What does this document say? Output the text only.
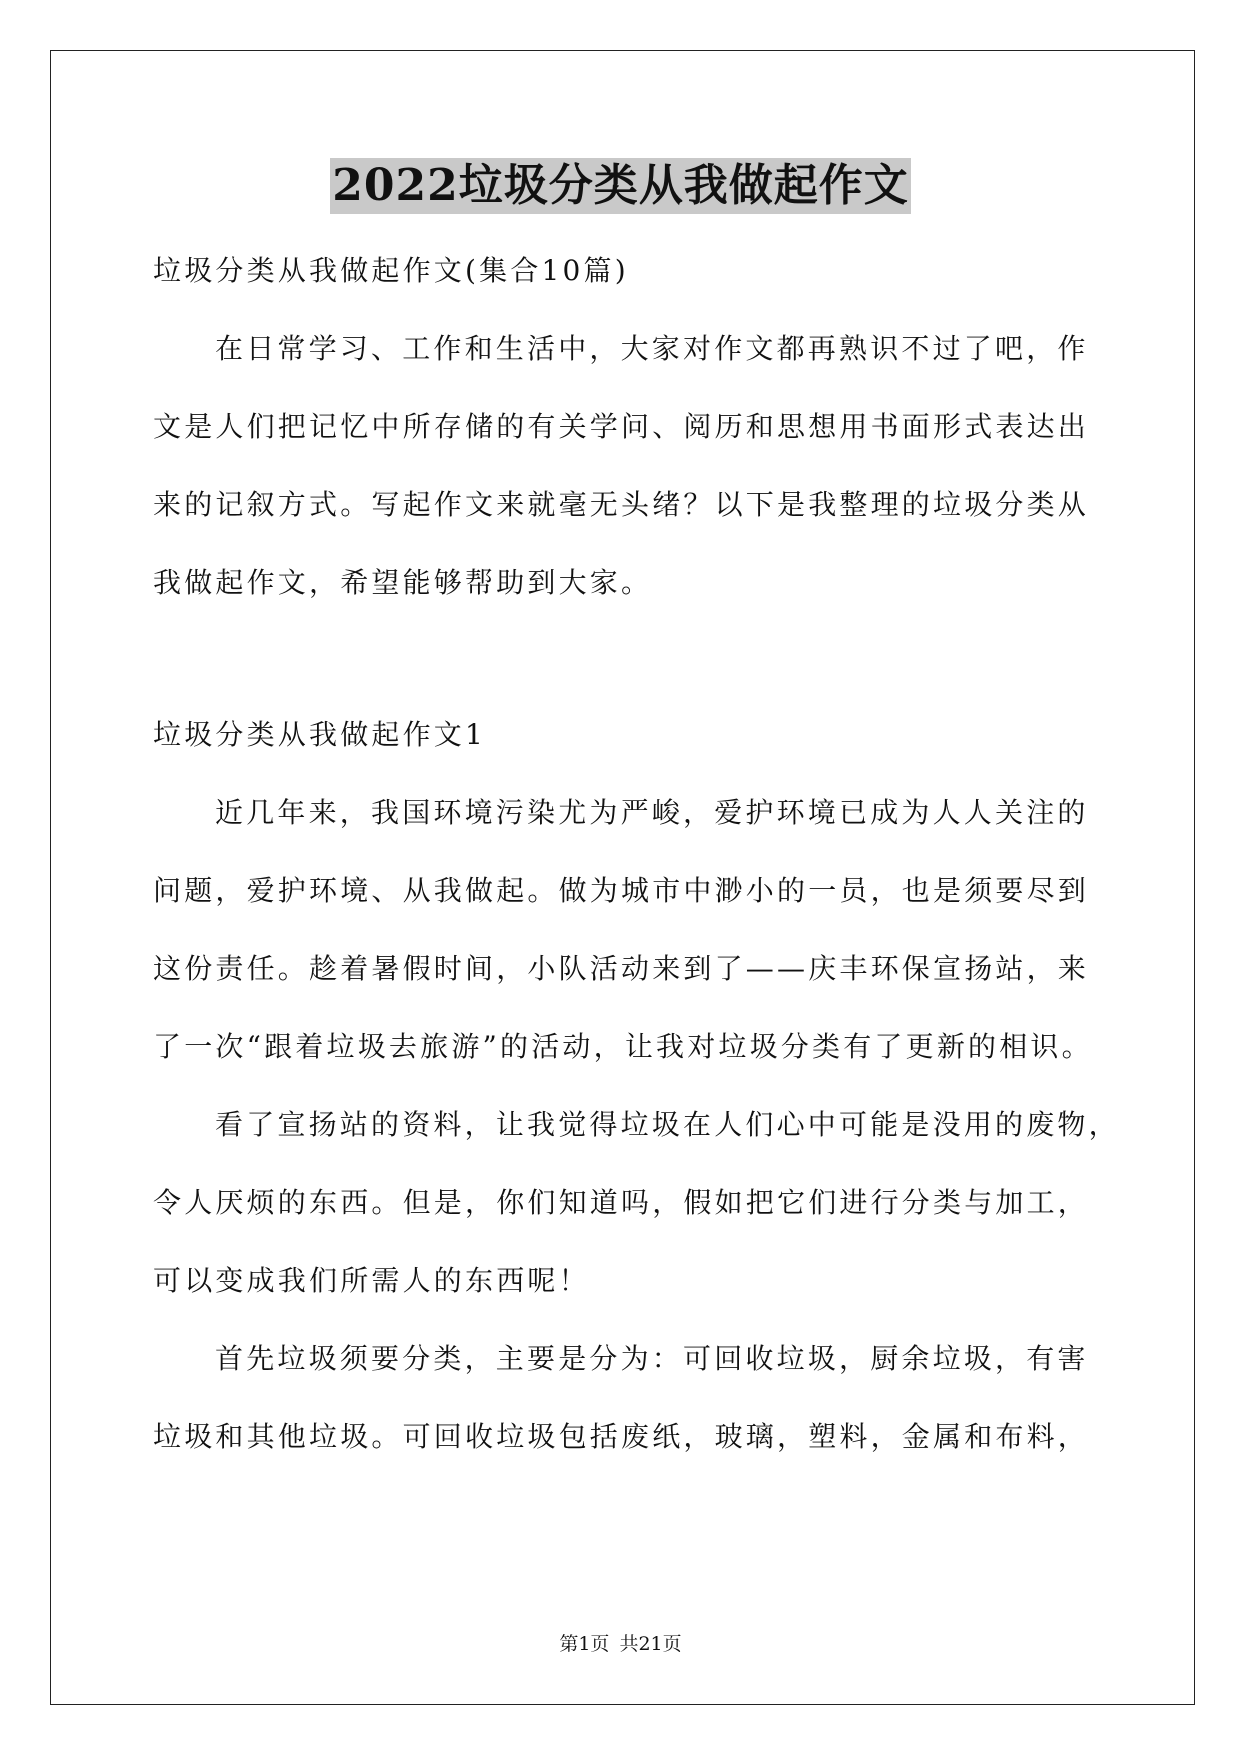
2022垃圾分类从我做起作文
垃圾分类从我做起作文(集合10篇)
在日常学习、工作和生活中，大家对作文都再熟识不过了吧，作
文是人们把记忆中所存储的有关学问、阅历和思想用书面形式表达出
来的记叙方式。写起作文来就毫无头绪？以下是我整理的垃圾分类从
我做起作文，希望能够帮助到大家。
垃圾分类从我做起作文1
近几年来，我国环境污染尤为严峻，爱护环境已成为人人关注的
问题，爱护环境、从我做起。做为城市中渺小的一员，也是须要尽到
这份责任。趁着暑假时间，小队活动来到了——庆丰环保宣扬站，来
了一次“跟着垃圾去旅游”的活动，让我对垃圾分类有了更新的相识。
看了宣扬站的资料，让我觉得垃圾在人们心中可能是没用的废物，
令人厌烦的东西。但是，你们知道吗，假如把它们进行分类与加工，
可以变成我们所需人的东西呢！
首先垃圾须要分类，主要是分为：可回收垃圾，厨余垃圾，有害
垃圾和其他垃圾。可回收垃圾包括废纸，玻璃，塑料，金属和布料，
第1页 共21页
